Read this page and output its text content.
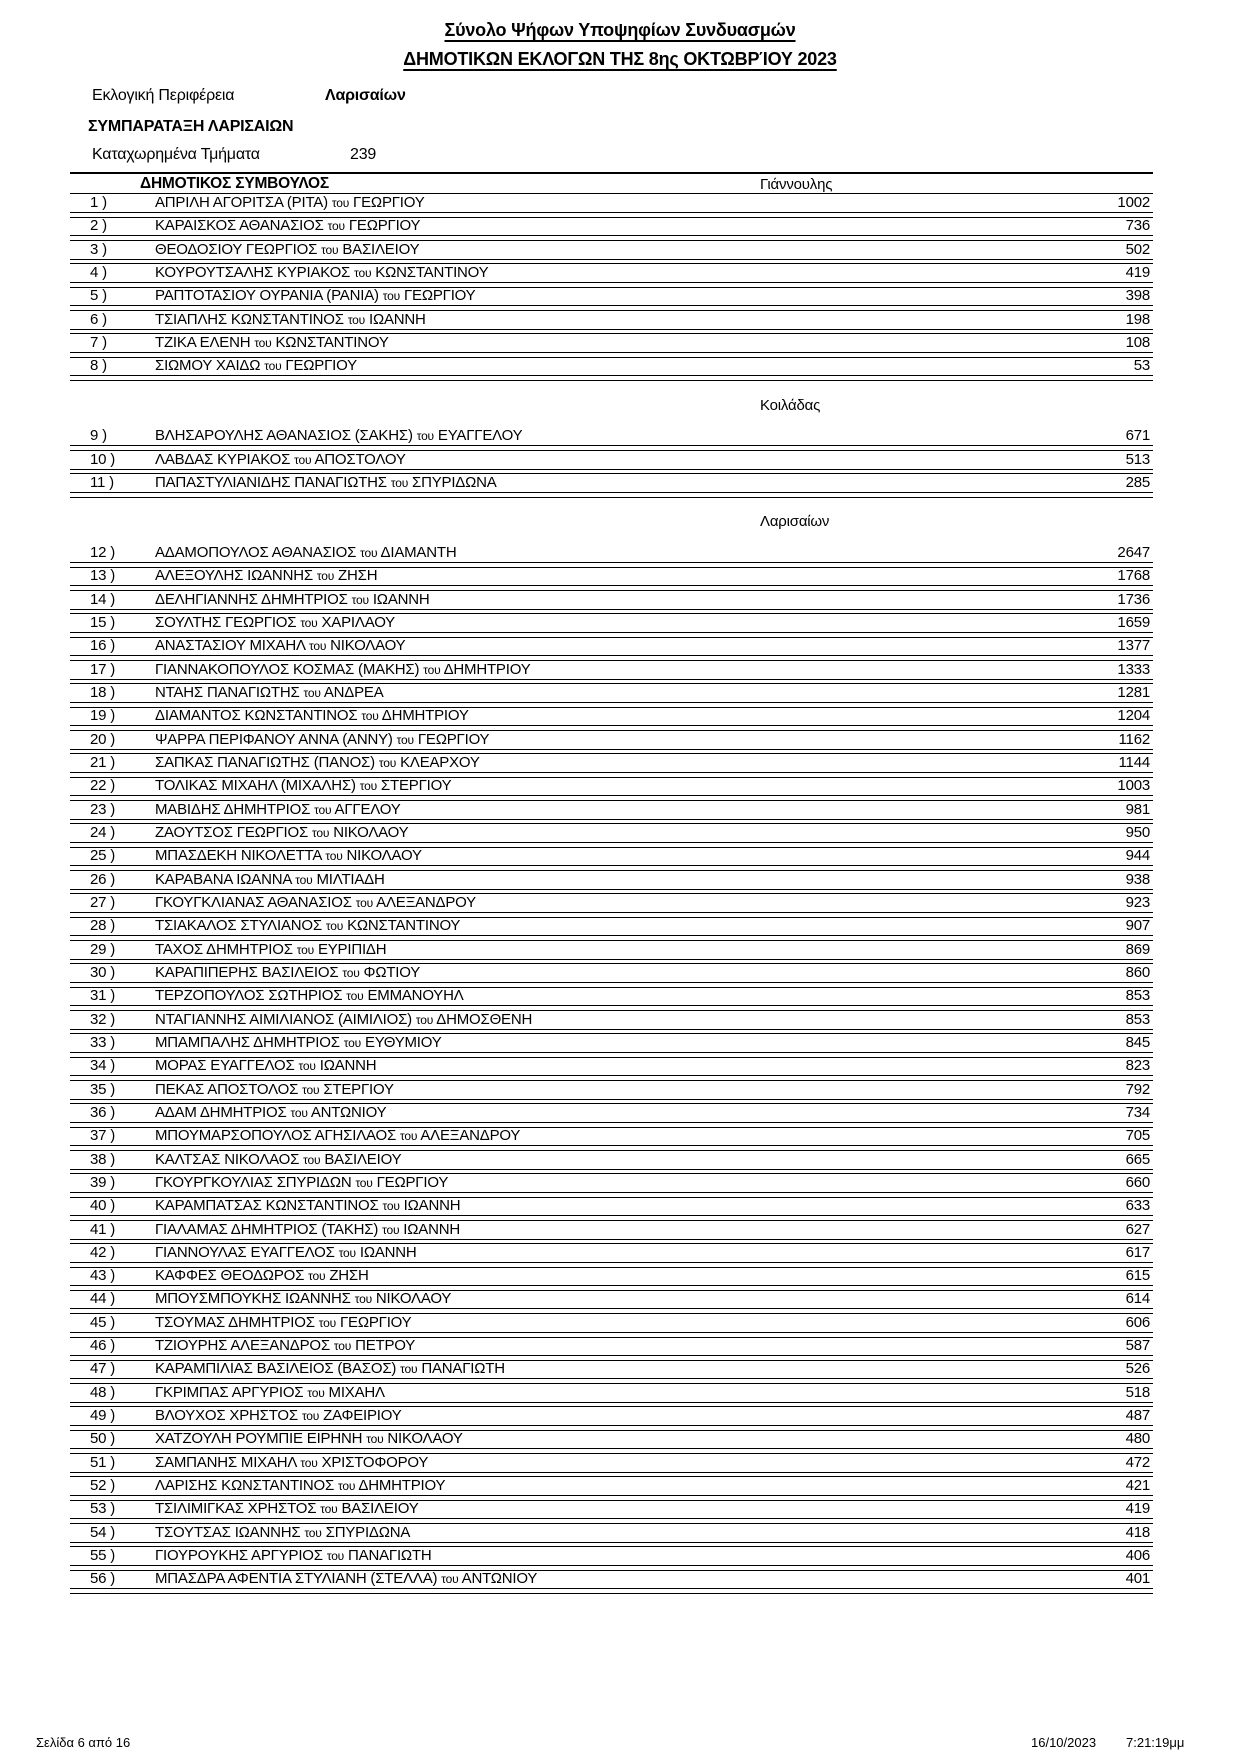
Σύνολο Ψήφων Υποψηφίων Συνδυασμών
ΔΗΜΟΤΙΚΩΝ ΕΚΛΟΓΩΝ ΤΗΣ 8ης ΟΚΤΩΒΡΊΟΥ 2023
Εκλογική Περιφέρεια	Λαρισαίων
ΣΥΜΠΑΡΑΤΑΞΗ ΛΑΡΙΣΑΙΩΝ
Καταχωρημένα Τμήματα	239
ΔΗΜΟΤΙΚΟΣ ΣΥΜΒΟΥΛΟΣ	Γιάννουλης
1 )	ΑΠΡΙΛΗ ΑΓΟΡΙΤΣΑ (ΡΙΤΑ) του ΓΕΩΡΓΙΟΥ	1002
2 )	ΚΑΡΑΙΣΚΟΣ ΑΘΑΝΑΣΙΟΣ του ΓΕΩΡΓΙΟΥ	736
3 )	ΘΕΟΔΟΣΙΟΥ ΓΕΩΡΓΙΟΣ του ΒΑΣΙΛΕΙΟΥ	502
4 )	ΚΟΥΡΟΥΤΣΑΛΗΣ ΚΥΡΙΑΚΟΣ του ΚΩΝΣΤΑΝΤΙΝΟΥ	419
5 )	ΡΑΠΤΟΤΑΣΙΟΥ ΟΥΡΑΝΙΑ (ΡΑΝΙΑ) του ΓΕΩΡΓΙΟΥ	398
6 )	ΤΣΙΑΠΛΗΣ ΚΩΝΣΤΑΝΤΙΝΟΣ του ΙΩΑΝΝΗ	198
7 )	ΤΖΙΚΑ ΕΛΕΝΗ του ΚΩΝΣΤΑΝΤΙΝΟΥ	108
8 )	ΣΙΩΜΟΥ ΧΑΙΔΩ του ΓΕΩΡΓΙΟΥ	53
Κοιλάδας
9 )	ΒΛΗΣΑΡΟΥΛΗΣ ΑΘΑΝΑΣΙΟΣ (ΣΑΚΗΣ) του ΕΥΑΓΓΕΛΟΥ	671
10 )	ΛΑΒΔΑΣ ΚΥΡΙΑΚΟΣ του ΑΠΟΣΤΟΛΟΥ	513
11 )	ΠΑΠΑΣΤΥΛΙΑΝΙΔΗΣ ΠΑΝΑΓΙΩΤΗΣ του ΣΠΥΡΙΔΩΝΑ	285
Λαρισαίων
12 )	ΑΔΑΜΟΠΟΥΛΟΣ ΑΘΑΝΑΣΙΟΣ του ΔΙΑΜΑΝΤΗ	2647
13 )	ΑΛΕΞΟΥΛΗΣ ΙΩΑΝΝΗΣ του ΖΗΣΗ	1768
14 )	ΔΕΛΗΓΙΑΝΝΗΣ ΔΗΜΗΤΡΙΟΣ του ΙΩΑΝΝΗ	1736
15 )	ΣΟΥΛΤΗΣ ΓΕΩΡΓΙΟΣ του ΧΑΡΙΛΑΟΥ	1659
16 )	ΑΝΑΣΤΑΣΙΟΥ ΜΙΧΑΗΛ του ΝΙΚΟΛΑΟΥ	1377
17 )	ΓΙΑΝΝΑΚΟΠΟΥΛΟΣ ΚΟΣΜΑΣ (ΜΑΚΗΣ) του ΔΗΜΗΤΡΙΟΥ	1333
18 )	ΝΤΑΗΣ ΠΑΝΑΓΙΩΤΗΣ του ΑΝΔΡΕΑ	1281
19 )	ΔΙΑΜΑΝΤΟΣ ΚΩΝΣΤΑΝΤΙΝΟΣ του ΔΗΜΗΤΡΙΟΥ	1204
20 )	ΨΑΡΡΑ ΠΕΡΙΦΑΝΟΥ ΑΝΝΑ (ΑΝΝΥ) του ΓΕΩΡΓΙΟΥ	1162
21 )	ΣΑΠΚΑΣ ΠΑΝΑΓΙΩΤΗΣ (ΠΑΝΟΣ) του ΚΛΕΑΡΧΟΥ	1144
22 )	ΤΟΛΙΚΑΣ ΜΙΧΑΗΛ (ΜΙΧΑΛΗΣ) του ΣΤΕΡΓΙΟΥ	1003
23 )	ΜΑΒΙΔΗΣ ΔΗΜΗΤΡΙΟΣ του ΑΓΓΕΛΟΥ	981
24 )	ΖΑΟΥΤΣΟΣ ΓΕΩΡΓΙΟΣ του ΝΙΚΟΛΑΟΥ	950
25 )	ΜΠΑΣΔΕΚΗ ΝΙΚΟΛΕΤΤΑ του ΝΙΚΟΛΑΟΥ	944
26 )	ΚΑΡΑΒΑΝΑ ΙΩΑΝΝΑ του ΜΙΛΤΙΑΔΗ	938
27 )	ΓΚΟΥΓΚΛΙΑΝΑΣ ΑΘΑΝΑΣΙΟΣ του ΑΛΕΞΑΝΔΡΟΥ	923
28 )	ΤΣΙΑΚΑΛΟΣ ΣΤΥΛΙΑΝΟΣ του ΚΩΝΣΤΑΝΤΙΝΟΥ	907
29 )	ΤΑΧΟΣ ΔΗΜΗΤΡΙΟΣ του ΕΥΡΙΠΙΔΗ	869
30 )	ΚΑΡΑΠΙΠΕΡΗΣ ΒΑΣΙΛΕΙΟΣ του ΦΩΤΙΟΥ	860
31 )	ΤΕΡΖΟΠΟΥΛΟΣ ΣΩΤΗΡΙΟΣ του ΕΜΜΑΝΟΥΗΛ	853
32 )	ΝΤΑΓΙΑΝΝΗΣ ΑΙΜΙΛΙΑΝΟΣ (ΑΙΜΙΛΙΟΣ) του ΔΗΜΟΣΘΕΝΗ	853
33 )	ΜΠΑΜΠΑΛΗΣ ΔΗΜΗΤΡΙΟΣ του ΕΥΘΥΜΙΟΥ	845
34 )	ΜΟΡΑΣ ΕΥΑΓΓΕΛΟΣ του ΙΩΑΝΝΗ	823
35 )	ΠΕΚΑΣ ΑΠΟΣΤΟΛΟΣ του ΣΤΕΡΓΙΟΥ	792
36 )	ΑΔΑΜ ΔΗΜΗΤΡΙΟΣ του ΑΝΤΩΝΙΟΥ	734
37 )	ΜΠΟΥΜΑΡΣΟΠΟΥΛΟΣ ΑΓΗΣΙΛΑΟΣ του ΑΛΕΞΑΝΔΡΟΥ	705
38 )	ΚΑΛΤΣΑΣ ΝΙΚΟΛΑΟΣ του ΒΑΣΙΛΕΙΟΥ	665
39 )	ΓΚΟΥΡΓΚΟΥΛΙΑΣ ΣΠΥΡΙΔΩΝ του ΓΕΩΡΓΙΟΥ	660
40 )	ΚΑΡΑΜΠΑΤΣΑΣ ΚΩΝΣΤΑΝΤΙΝΟΣ του ΙΩΑΝΝΗ	633
41 )	ΓΙΑΛΑΜΑΣ ΔΗΜΗΤΡΙΟΣ (ΤΑΚΗΣ) του ΙΩΑΝΝΗ	627
42 )	ΓΙΑΝΝΟΥΛΑΣ ΕΥΑΓΓΕΛΟΣ του ΙΩΑΝΝΗ	617
43 )	ΚΑΦΦΕΣ ΘΕΟΔΩΡΟΣ του ΖΗΣΗ	615
44 )	ΜΠΟΥΣΜΠΟΥΚΗΣ ΙΩΑΝΝΗΣ του ΝΙΚΟΛΑΟΥ	614
45 )	ΤΣΟΥΜΑΣ ΔΗΜΗΤΡΙΟΣ του ΓΕΩΡΓΙΟΥ	606
46 )	ΤΖΙΟΥΡΗΣ ΑΛΕΞΑΝΔΡΟΣ του ΠΕΤΡΟΥ	587
47 )	ΚΑΡΑΜΠΙΛΙΑΣ ΒΑΣΙΛΕΙΟΣ (ΒΑΣΟΣ) του ΠΑΝΑΓΙΩΤΗ	526
48 )	ΓΚΡΙΜΠΑΣ ΑΡΓΥΡΙΟΣ του ΜΙΧΑΗΛ	518
49 )	ΒΛΟΥΧΟΣ ΧΡΗΣΤΟΣ του ΖΑΦΕΙΡΙΟΥ	487
50 )	ΧΑΤΖΟΥΛΗ ΡΟΥΜΠΙΕ ΕΙΡΗΝΗ του ΝΙΚΟΛΑΟΥ	480
51 )	ΣΑΜΠΑΝΗΣ ΜΙΧΑΗΛ του ΧΡΙΣΤΟΦΟΡΟΥ	472
52 )	ΛΑΡΙΣΗΣ ΚΩΝΣΤΑΝΤΙΝΟΣ του ΔΗΜΗΤΡΙΟΥ	421
53 )	ΤΣΙΛΙΜΙΓΚΑΣ ΧΡΗΣΤΟΣ του ΒΑΣΙΛΕΙΟΥ	419
54 )	ΤΣΟΥΤΣΑΣ ΙΩΑΝΝΗΣ του ΣΠΥΡΙΔΩΝΑ	418
55 )	ΓΙΟΥΡΟΥΚΗΣ ΑΡΓΥΡΙΟΣ του ΠΑΝΑΓΙΩΤΗ	406
56 )	ΜΠΑΣΔΡΑ ΑΦΕΝΤΙΑ ΣΤΥΛΙΑΝΗ (ΣΤΕΛΛΑ) του ΑΝΤΩΝΙΟΥ	401
Σελίδα 6 από 16	16/10/2023 7:21:19μμ
